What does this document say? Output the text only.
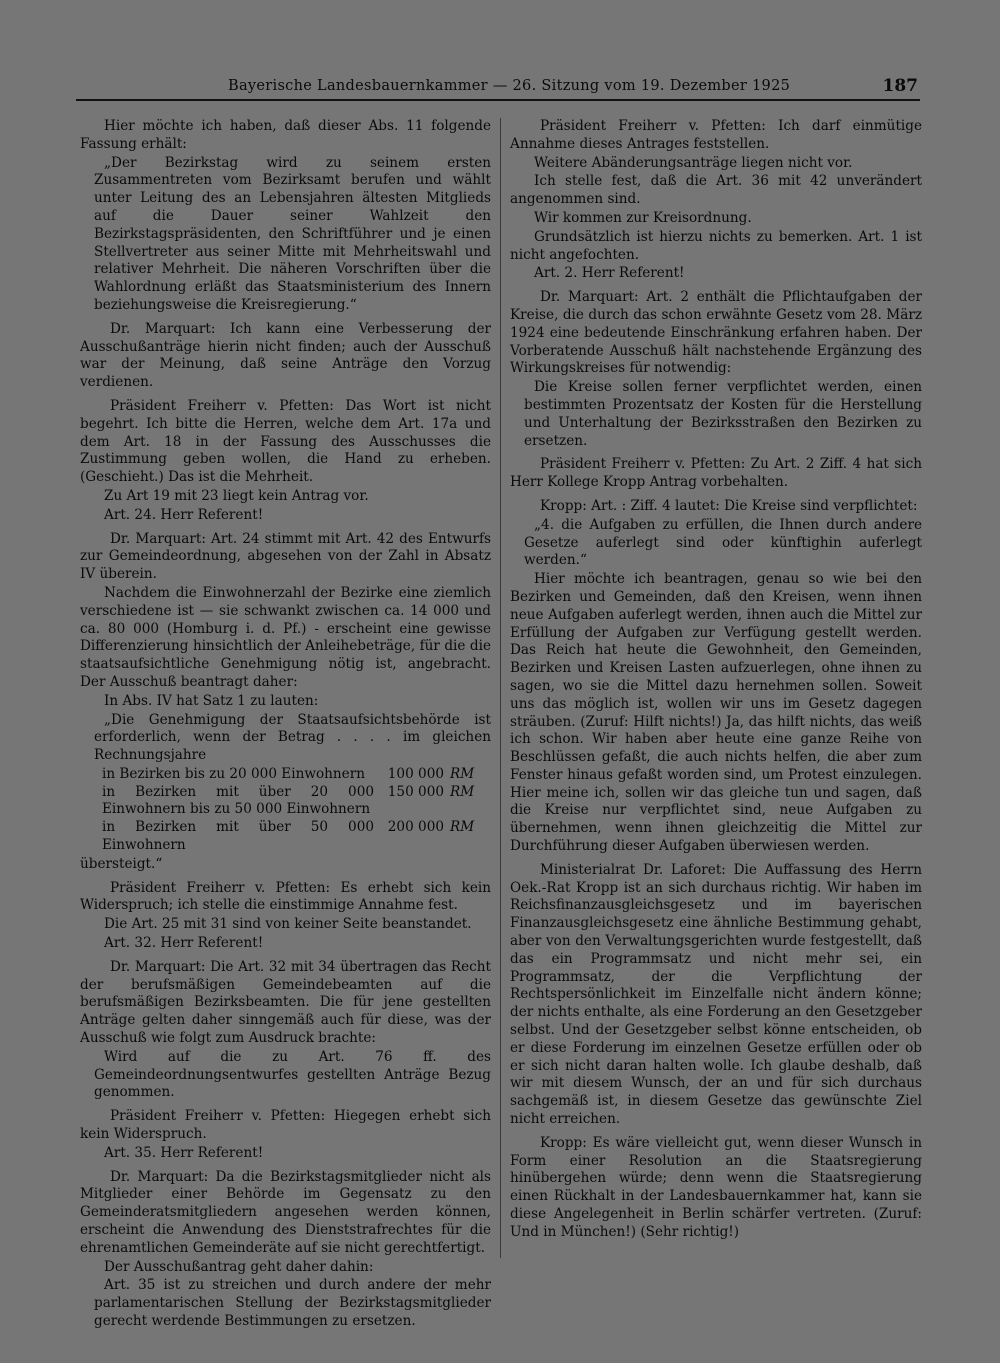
Bayerische Landesbauernkammer — 26. Sitzung vom 19. Dezember 1925	187

Hier möchte ich haben, daß dieser Abs. 11 folgende Fassung erhält:

„Der Bezirkstag wird zu seinem ersten Zusammentreten vom Bezirksamt berufen und wählt unter Leitung des an Lebensjahren ältesten Mitglieds auf die Dauer seiner Wahlzeit den Bezirkstagspräsidenten, den Schriftführer und je einen Stellvertreter aus seiner Mitte mit Mehrheitswahl und relativer Mehrheit. Die näheren Vorschriften über die Wahlordnung erläßt das Staatsministerium des Innern beziehungsweise die Kreisregierung.“

Dr. Marquart: Ich kann eine Verbesserung der Ausschußanträge hierin nicht finden; auch der Ausschuß war der Meinung, daß seine Anträge den Vorzug verdienen.

Präsident Freiherr v. Pfetten: Das Wort ist nicht begehrt. Ich bitte die Herren, welche dem Art. 17a und dem Art. 18 in der Fassung des Ausschusses die Zustimmung geben wollen, die Hand zu erheben. (Geschieht.) Das ist die Mehrheit.

Zu Art 19 mit 23 liegt kein Antrag vor.

Art. 24. Herr Referent!

Dr. Marquart: Art. 24 stimmt mit Art. 42 des Entwurfs zur Gemeindeordnung, abgesehen von der Zahl in Absatz IV überein.

Nachdem die Einwohnerzahl der Bezirke eine ziemlich verschiedene ist — sie schwankt zwischen ca. 14 000 und ca. 80 000 (Homburg i. d. Pf.) - erscheint eine gewisse Differenzierung hinsichtlich der Anleihebeträge, für die die staatsaufsichtliche Genehmigung nötig ist, angebracht. Der Ausschuß beantragt daher:

In Abs. IV hat Satz 1 zu lauten:

„Die Genehmigung der Staatsaufsichtsbehörde ist erforderlich, wenn der Betrag . . . . im gleichen Rechnungsjahre

in Bezirken bis zu 20 000 Einwohnern	100 000	RM
in Bezirken mit über 20 000 Einwohnern bis zu 50 000 Einwohnern	150 000	RM
in Bezirken mit über 50 000 Einwohnern	200 000	RM

übersteigt.“

Präsident Freiherr v. Pfetten: Es erhebt sich kein Widerspruch; ich stelle die einstimmige Annahme fest.

Die Art. 25 mit 31 sind von keiner Seite beanstandet.

Art. 32. Herr Referent!

Dr. Marquart: Die Art. 32 mit 34 übertragen das Recht der berufsmäßigen Gemeindebeamten auf die berufsmäßigen Bezirksbeamten. Die für jene gestellten Anträge gelten daher sinngemäß auch für diese, was der Ausschuß wie folgt zum Ausdruck brachte:

Wird auf die zu Art. 76 ff. des Gemeindeordnungsentwurfes gestellten Anträge Bezug genommen.

Präsident Freiherr v. Pfetten: Hiegegen erhebt sich kein Widerspruch.

Art. 35. Herr Referent!

Dr. Marquart: Da die Bezirkstagsmitglieder nicht als Mitglieder einer Behörde im Gegensatz zu den Gemeinderatsmitgliedern angesehen werden können, erscheint die Anwendung des Dienststrafrechtes für die ehrenamtlichen Gemeinderäte auf sie nicht gerechtfertigt.

Der Ausschußantrag geht daher dahin:

Art. 35 ist zu streichen und durch andere der mehr parlamentarischen Stellung der Bezirkstagsmitglieder gerecht werdende Bestimmungen zu ersetzen.

Präsident Freiherr v. Pfetten: Ich darf einmütige Annahme dieses Antrages feststellen.

Weitere Abänderungsanträge liegen nicht vor.

Ich stelle fest, daß die Art. 36 mit 42 unverändert angenommen sind.

Wir kommen zur Kreisordnung.

Grundsätzlich ist hierzu nichts zu bemerken. Art. 1 ist nicht angefochten.

Art. 2. Herr Referent!

Dr. Marquart: Art. 2 enthält die Pflichtaufgaben der Kreise, die durch das schon erwähnte Gesetz vom 28. März 1924 eine bedeutende Einschränkung erfahren haben. Der Vorberatende Ausschuß hält nachstehende Ergänzung des Wirkungskreises für notwendig:

Die Kreise sollen ferner verpflichtet werden, einen bestimmten Prozentsatz der Kosten für die Herstellung und Unterhaltung der Bezirksstraßen den Bezirken zu ersetzen.

Präsident Freiherr v. Pfetten: Zu Art. 2 Ziff. 4 hat sich Herr Kollege Kropp Antrag vorbehalten.

Kropp: Art. : Ziff. 4 lautet: Die Kreise sind verpflichtet:

„4. die Aufgaben zu erfüllen, die Ihnen durch andere Gesetze auferlegt sind oder künftighin auferlegt werden.“

Hier möchte ich beantragen, genau so wie bei den Bezirken und Gemeinden, daß den Kreisen, wenn ihnen neue Aufgaben auferlegt werden, ihnen auch die Mittel zur Erfüllung der Aufgaben zur Verfügung gestellt werden. Das Reich hat heute die Gewohnheit, den Gemeinden, Bezirken und Kreisen Lasten aufzuerlegen, ohne ihnen zu sagen, wo sie die Mittel dazu hernehmen sollen. Soweit uns das möglich ist, wollen wir uns im Gesetz dagegen sträuben. (Zuruf: Hilft nichts!) Ja, das hilft nichts, das weiß ich schon. Wir haben aber heute eine ganze Reihe von Beschlüssen gefaßt, die auch nichts helfen, die aber zum Fenster hinaus gefaßt worden sind, um Protest einzulegen. Hier meine ich, sollen wir das gleiche tun und sagen, daß die Kreise nur verpflichtet sind, neue Aufgaben zu übernehmen, wenn ihnen gleichzeitig die Mittel zur Durchführung dieser Aufgaben überwiesen werden.

Ministerialrat Dr. Laforet: Die Auffassung des Herrn Oek.-Rat Kropp ist an sich durchaus richtig. Wir haben im Reichsfinanzausgleichsgesetz und im bayerischen Finanzausgleichsgesetz eine ähnliche Bestimmung gehabt, aber von den Verwaltungsgerichten wurde festgestellt, daß das ein Programmsatz und nicht mehr sei, ein Programmsatz, der die Verpflichtung der Rechtspersönlichkeit im Einzelfalle nicht ändern könne; der nichts enthalte, als eine Forderung an den Gesetzgeber selbst. Und der Gesetzgeber selbst könne entscheiden, ob er diese Forderung im einzelnen Gesetze erfüllen oder ob er sich nicht daran halten wolle. Ich glaube deshalb, daß wir mit diesem Wunsch, der an und für sich durchaus sachgemäß ist, in diesem Gesetze das gewünschte Ziel nicht erreichen.

Kropp: Es wäre vielleicht gut, wenn dieser Wunsch in Form einer Resolution an die Staatsregierung hinübergehen würde; denn wenn die Staatsregierung einen Rückhalt in der Landesbauernkammer hat, kann sie diese Angelegenheit in Berlin schärfer vertreten. (Zuruf: Und in München!) (Sehr richtig!)
